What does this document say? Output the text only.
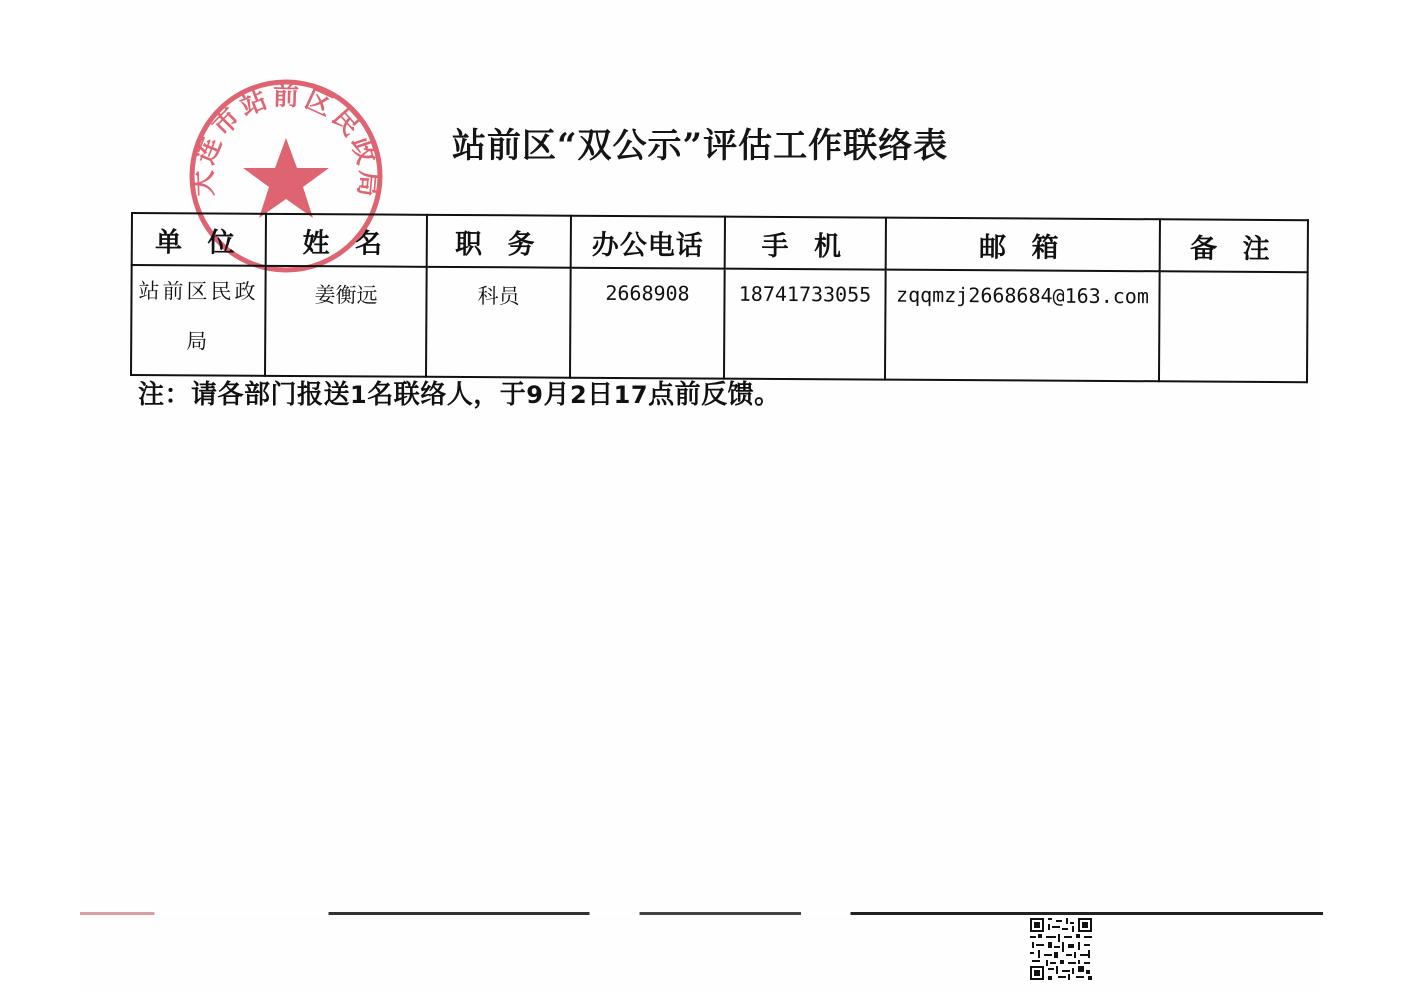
大连市站前区民政局
站前区“双公示”评估工作联络表
单 位	姓 名	职 务	办公电话	手 机	邮 箱	备 注
站前区民政局	姜衡远	科员	2668908	18741733055	zqqmzj2668684@163.com	
注：请各部门报送1名联络人，于9月2日17点前反馈。
